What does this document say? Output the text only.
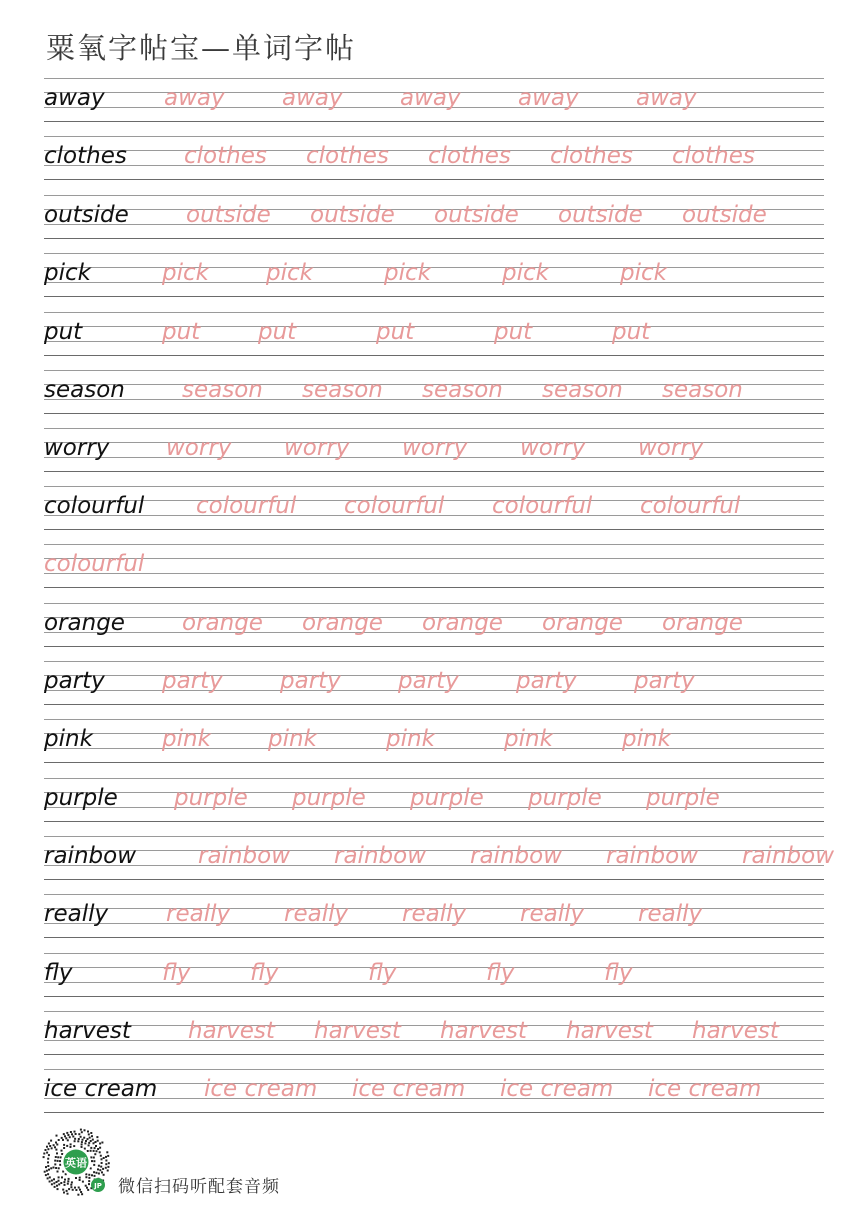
粟氧字帖宝—单词字帖
away	away away away away away
clothes clothes clothes clothes clothes clothes
outside outside outside outside outside outside
pick	pick pick	pick	pick	pick
put	put	put	put	put	put
season season season season season season
worry worry worry worry worry worry
colourful colourful colourful colourful colourful
colourful
orange orange orange orange orange orange
party party party party party party
pink	pink pink	pink	pink	pink
purple purple purple purple purple purple
rainbow	rainbow rainbow rainbow rainbow rainbow
really	really really really really really
fly	fly	fly	fly	fly	fly
harvest harvest harvest harvest harvest harvest
ice cream ice cream ice cream ice cream ice cream
英语
JP 微信扫码听配套音频
